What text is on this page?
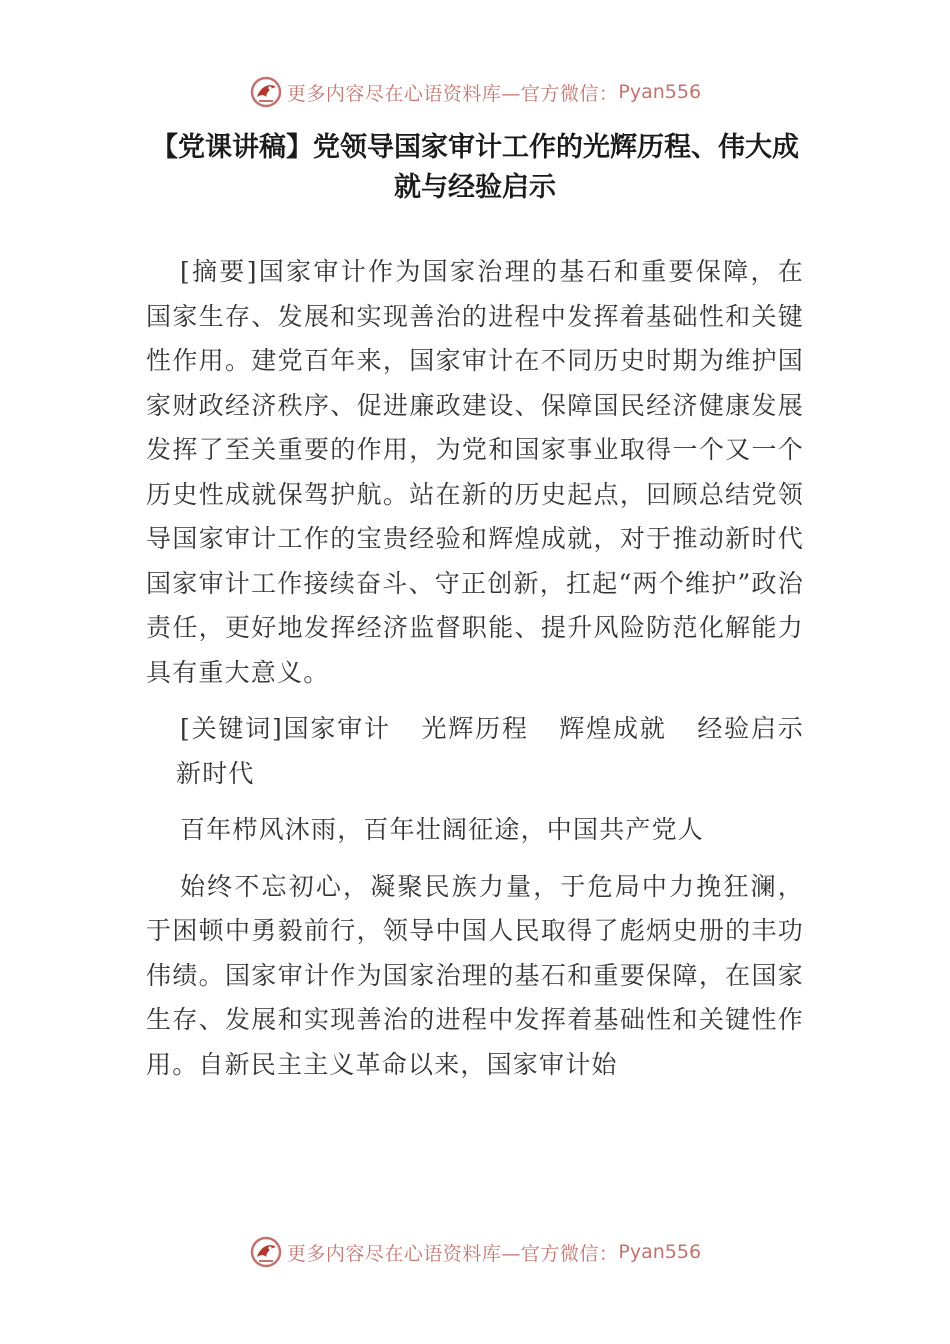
更多内容尽在心语资料库—官方微信： Pyan556
【党课讲稿】党领导国家审计工作的光辉历程、伟大成就与经验启示

[摘要]国家审计作为国家治理的基石和重要保障，在国家生存、发展和实现善治的进程中发挥着基础性和关键性作用。建党百年来，国家审计在不同历史时期为维护国家财政经济秩序、促进廉政建设、保障国民经济健康发展发挥了至关重要的作用，为党和国家事业取得一个又一个历史性成就保驾护航。站在新的历史起点，回顾总结党领导国家审计工作的宝贵经验和辉煌成就，对于推动新时代国家审计工作接续奋斗、守正创新，扛起“两个维护”政治责任，更好地发挥经济监督职能、提升风险防范化解能力具有重大意义。

[关键词]国家审计 光辉历程 辉煌成就 经验启示新时代

百年栉风沐雨，百年壮阔征途，中国共产党人

始终不忘初心，凝聚民族力量，于危局中力挽狂澜，于困顿中勇毅前行，领导中国人民取得了彪炳史册的丰功伟绩。国家审计作为国家治理的基石和重要保障，在国家生存、发展和实现善治的进程中发挥着基础性和关键性作用。自新民主主义革命以来，国家审计始

更多内容尽在心语资料库—官方微信： Pyan556
